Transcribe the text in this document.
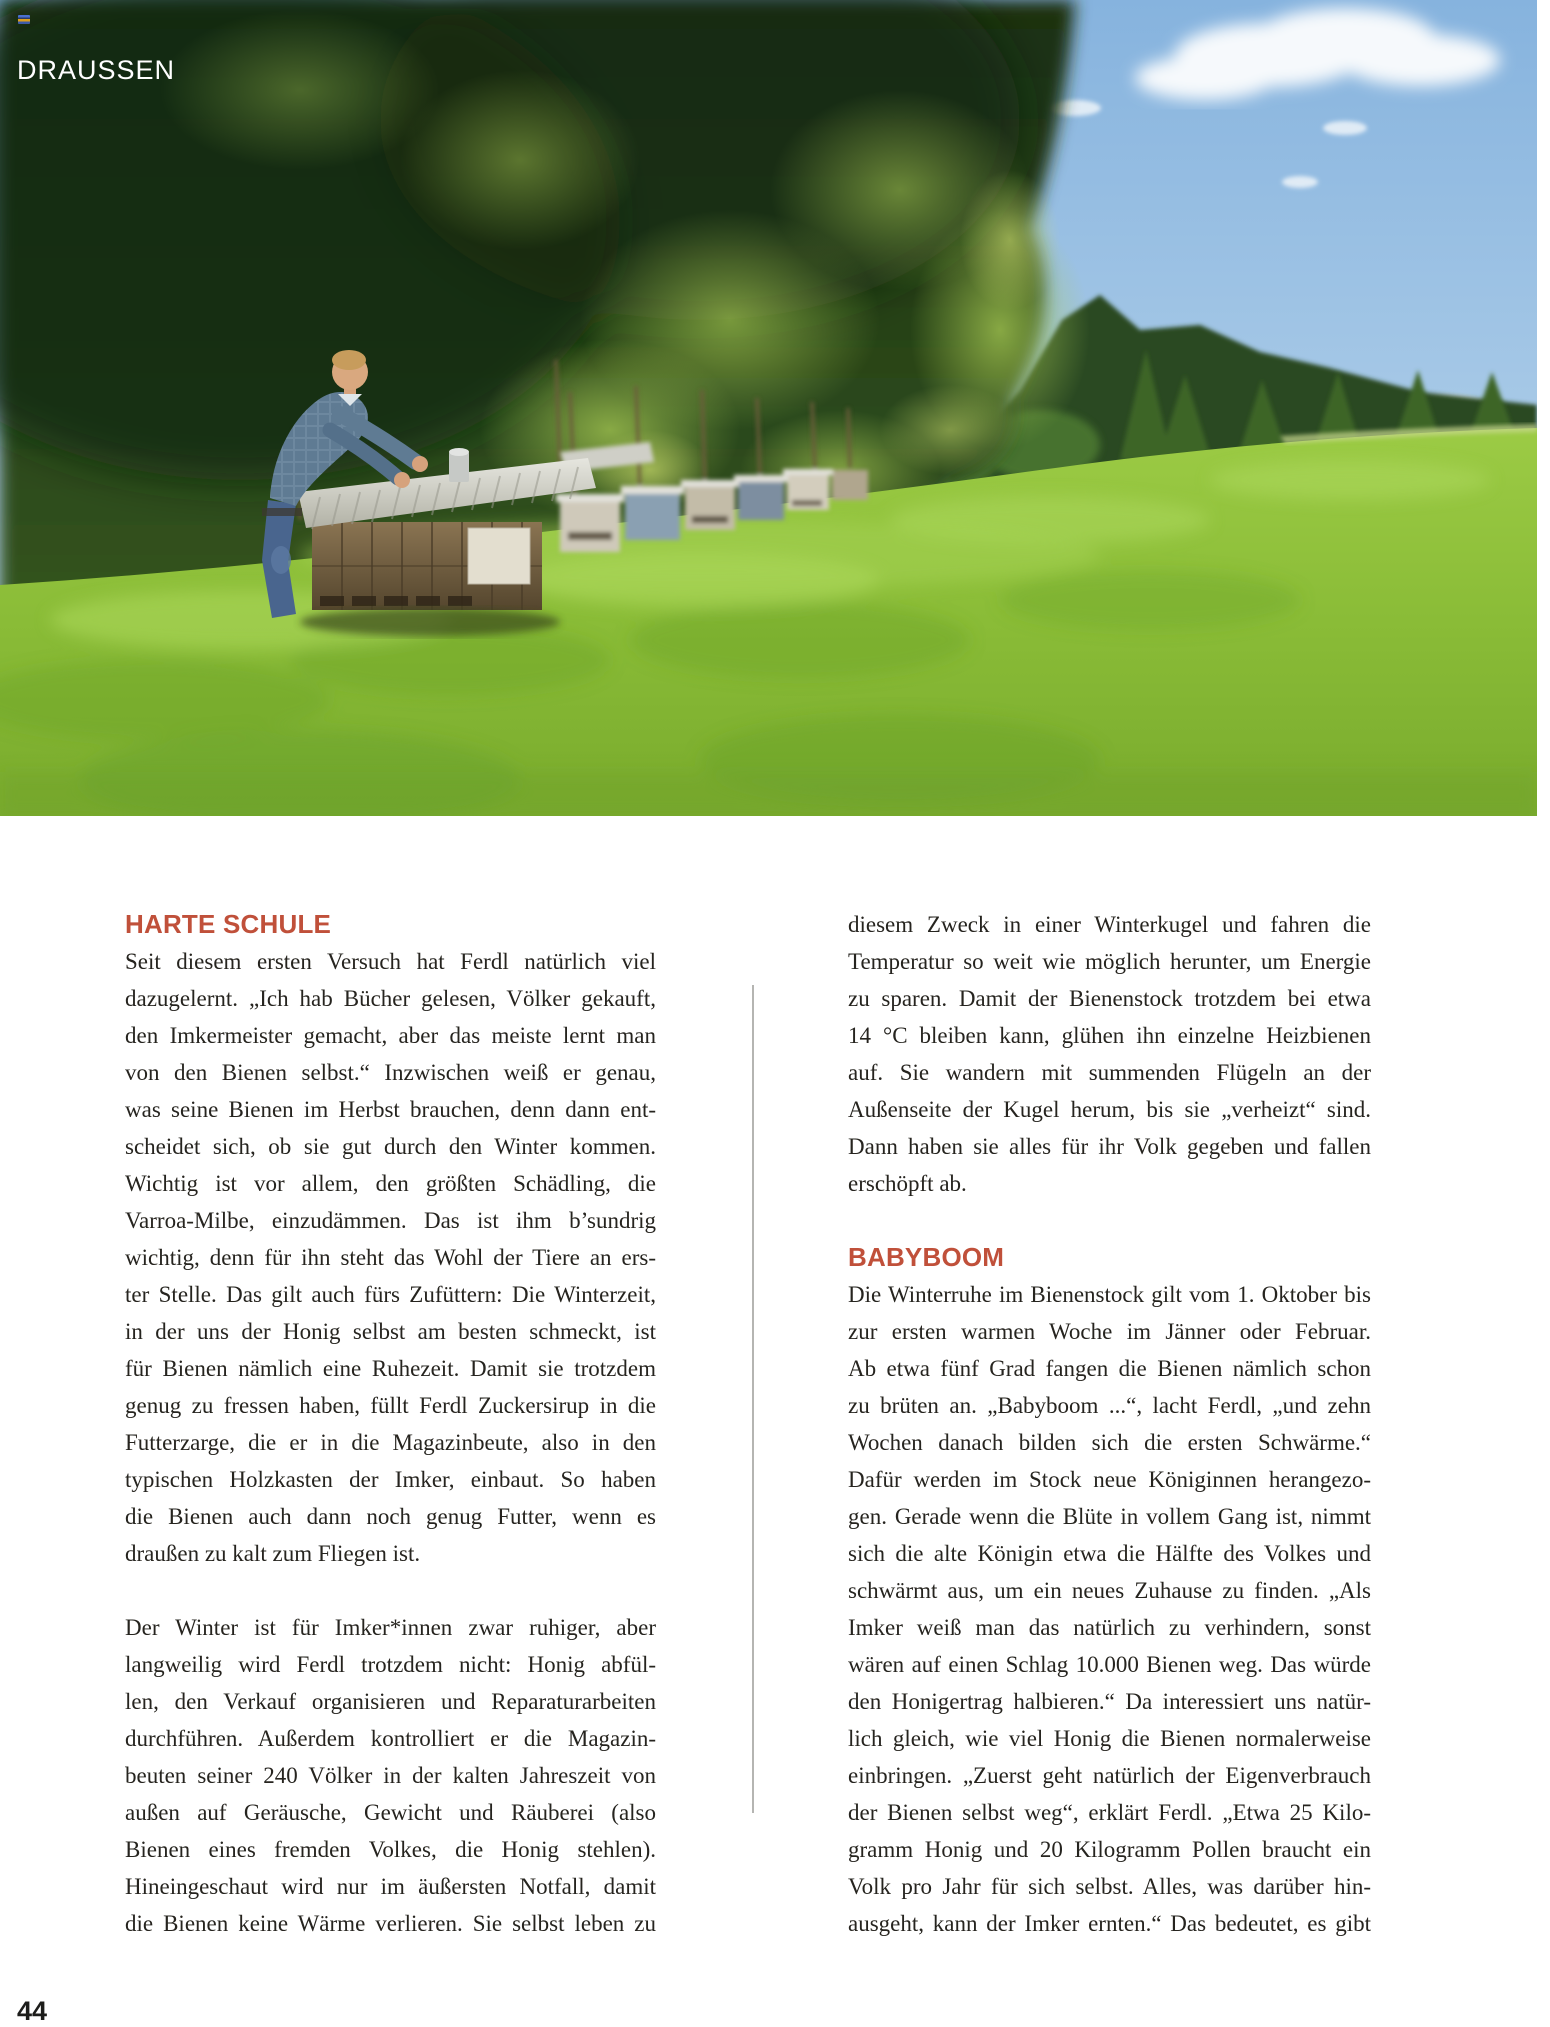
DRAUSSEN
HARTE SCHULE
Seit diesem ersten Versuch hat Ferdl natürlich viel
dazugelernt. „Ich hab Bücher gelesen, Völker gekauft,
den Imkermeister gemacht, aber das meiste lernt man
von den Bienen selbst.“ Inzwischen weiß er genau,
was seine Bienen im Herbst brauchen, denn dann ent-
scheidet sich, ob sie gut durch den Winter kommen.
Wichtig ist vor allem, den größten Schädling, die
Varroa-Milbe, einzudämmen. Das ist ihm b’sundrig
wichtig, denn für ihn steht das Wohl der Tiere an ers-
ter Stelle. Das gilt auch fürs Zufüttern: Die Winterzeit,
in der uns der Honig selbst am besten schmeckt, ist
für Bienen nämlich eine Ruhezeit. Damit sie trotzdem
genug zu fressen haben, füllt Ferdl Zuckersirup in die
Futterzarge, die er in die Magazinbeute, also in den
typischen Holzkasten der Imker, einbaut. So haben
die Bienen auch dann noch genug Futter, wenn es
draußen zu kalt zum Fliegen ist.
Der Winter ist für Imker*innen zwar ruhiger, aber
langweilig wird Ferdl trotzdem nicht: Honig abfül-
len, den Verkauf organisieren und Reparaturarbeiten
durchführen. Außerdem kontrolliert er die Magazin-
beuten seiner 240 Völker in der kalten Jahreszeit von
außen auf Geräusche, Gewicht und Räuberei (also
Bienen eines fremden Volkes, die Honig stehlen).
Hineingeschaut wird nur im äußersten Notfall, damit
die Bienen keine Wärme verlieren. Sie selbst leben zu
diesem Zweck in einer Winterkugel und fahren die
Temperatur so weit wie möglich herunter, um Energie
zu sparen. Damit der Bienenstock trotzdem bei etwa
14 °C bleiben kann, glühen ihn einzelne Heizbienen
auf. Sie wandern mit summenden Flügeln an der
Außenseite der Kugel herum, bis sie „verheizt“ sind.
Dann haben sie alles für ihr Volk gegeben und fallen
erschöpft ab.
BABYBOOM
Die Winterruhe im Bienenstock gilt vom 1. Oktober bis
zur ersten warmen Woche im Jänner oder Februar.
Ab etwa fünf Grad fangen die Bienen nämlich schon
zu brüten an. „Babyboom ...“, lacht Ferdl, „und zehn
Wochen danach bilden sich die ersten Schwärme.“
Dafür werden im Stock neue Königinnen herangezo-
gen. Gerade wenn die Blüte in vollem Gang ist, nimmt
sich die alte Königin etwa die Hälfte des Volkes und
schwärmt aus, um ein neues Zuhause zu finden. „Als
Imker weiß man das natürlich zu verhindern, sonst
wären auf einen Schlag 10.000 Bienen weg. Das würde
den Honigertrag halbieren.“ Da interessiert uns natür-
lich gleich, wie viel Honig die Bienen normalerweise
einbringen. „Zuerst geht natürlich der Eigenverbrauch
der Bienen selbst weg“, erklärt Ferdl. „Etwa 25 Kilo-
gramm Honig und 20 Kilogramm Pollen braucht ein
Volk pro Jahr für sich selbst. Alles, was darüber hin-
ausgeht, kann der Imker ernten.“ Das bedeutet, es gibt
44
